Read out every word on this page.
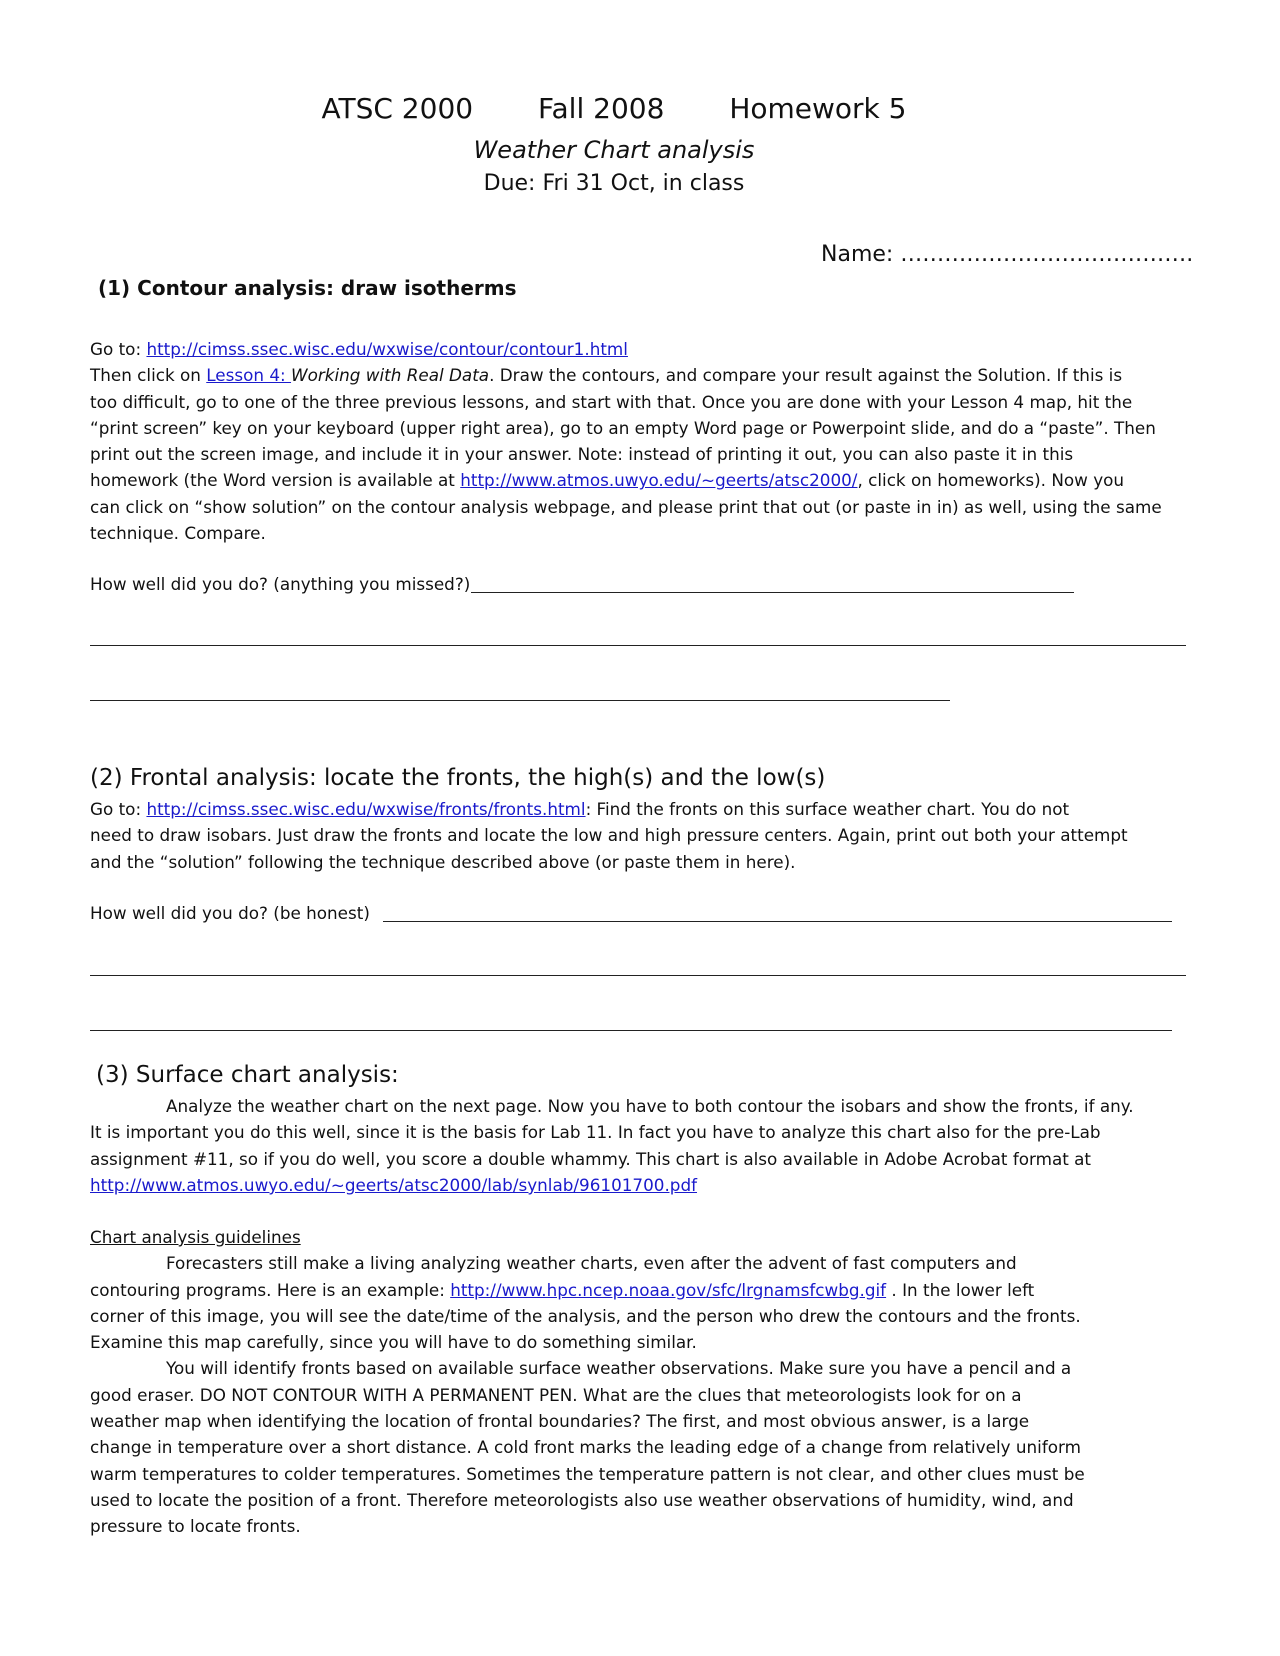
ATSC 2000 Fall 2008 Homework 5
Weather Chart analysis
Due: Fri 31 Oct, in class
Name: ………………………………….
(1) Contour analysis: draw isotherms
Go to: http://cimss.ssec.wisc.edu/wxwise/contour/contour1.html
Then click on Lesson 4: Working with Real Data. Draw the contours, and compare your result against the Solution. If this is
too difficult, go to one of the three previous lessons, and start with that. Once you are done with your Lesson 4 map, hit the
“print screen” key on your keyboard (upper right area), go to an empty Word page or Powerpoint slide, and do a “paste”. Then
print out the screen image, and include it in your answer. Note: instead of printing it out, you can also paste it in this
homework (the Word version is available at http://www.atmos.uwyo.edu/~geerts/atsc2000/, click on homeworks). Now you
can click on “show solution” on the contour analysis webpage, and please print that out (or paste in in) as well, using the same
technique. Compare.
How well did you do? (anything you missed?)
(2) Frontal analysis: locate the fronts, the high(s) and the low(s)
Go to: http://cimss.ssec.wisc.edu/wxwise/fronts/fronts.html: Find the fronts on this surface weather chart. You do not
need to draw isobars. Just draw the fronts and locate the low and high pressure centers. Again, print out both your attempt
and the “solution” following the technique described above (or paste them in here).
How well did you do? (be honest)
(3) Surface chart analysis:
Analyze the weather chart on the next page. Now you have to both contour the isobars and show the fronts, if any.
It is important you do this well, since it is the basis for Lab 11. In fact you have to analyze this chart also for the pre-Lab
assignment #11, so if you do well, you score a double whammy. This chart is also available in Adobe Acrobat format at
http://www.atmos.uwyo.edu/~geerts/atsc2000/lab/synlab/96101700.pdf
Chart analysis guidelines
Forecasters still make a living analyzing weather charts, even after the advent of fast computers and
contouring programs. Here is an example: http://www.hpc.ncep.noaa.gov/sfc/lrgnamsfcwbg.gif . In the lower left
corner of this image, you will see the date/time of the analysis, and the person who drew the contours and the fronts.
Examine this map carefully, since you will have to do something similar.
You will identify fronts based on available surface weather observations. Make sure you have a pencil and a
good eraser. DO NOT CONTOUR WITH A PERMANENT PEN. What are the clues that meteorologists look for on a
weather map when identifying the location of frontal boundaries? The first, and most obvious answer, is a large
change in temperature over a short distance. A cold front marks the leading edge of a change from relatively uniform
warm temperatures to colder temperatures. Sometimes the temperature pattern is not clear, and other clues must be
used to locate the position of a front. Therefore meteorologists also use weather observations of humidity, wind, and
pressure to locate fronts.
